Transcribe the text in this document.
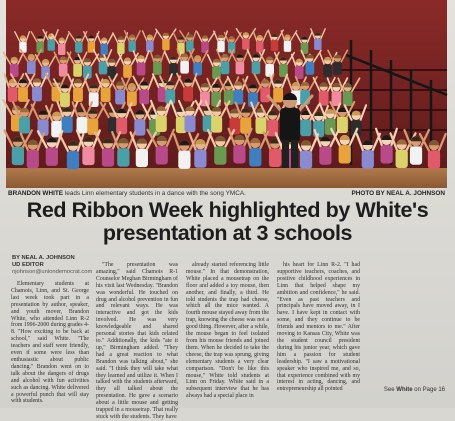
BRANDON WHITE leads Linn elementary students in a dance with the song YMCA.	PHOTO BY NEAL A. JOHNSON
Red Ribbon Week highlighted by White's
presentation at 3 schools
BY NEAL A. JOHNSON
UD EDITOR
njohnson@uniondemocrat.com

Elementary students at Chamois, Linn, and St. George last week took part in a presentation by author, speaker, and youth mover, Brandon White, who attended Linn R-2 from 1996-2000 during grades 4-8. "How exciting to be back at school," said White. "The teachers and staff were friendly, even if some were less than enthusiastic about public dancing." Brandon went on to talk about the dangers of drugs and alcohol with fun activities such as dancing. White delivered a powerful punch that will stay with students.

"The presentation was amazing," said Chamois R-1 Counselor Meghan Birmingham of his visit last Wednesday. "Brandon was wonderful. He touched on drug and alcohol prevention in fun and relevant ways. He was interactive and got the kids involved. He was very knowledgeable and shared personal stories that kids related to." Additionally, the kids "ate it up," Birmingham added. "They had a great reaction to what Brandon was talking about," she said. "I think they will take what they learned and utilize it. When I talked with the students afterward, they all talked about the presentation. He gave a scenario about a little mouse and getting trapped in a mousetrap. That really stuck with the students. They have

already started referencing little mouse." In that demonstration, White placed a mousetrap on the floor and added a toy mouse, then another, and finally, a third. He told students the trap had cheese, which all the mice wanted. A fourth mouse stayed away from the trap, knowing the cheese was not a good thing. However, after a while, the mouse began to feel isolated from his mouse friends and joined them. When he decided to take the cheese, the trap was sprung, giving elementary students a very clear comparison. "Don't be like this mouse," White told students at Linn on Friday. White said in a subsequent interview that he has always had a special place in

his heart for Linn R-2. "I had supportive teachers, coaches, and positive childhood experiences in Linn that helped shape my ambition and confidence," he said. "Even as past teachers and principals have moved away, in I have. I have kept in contact with some, and they continue to be friends and mentors to me." After moving to Kansas City, White was the student council president during his junior year, which gave him a passion for student leadership. "I saw a motivational speaker who inspired me, and so, that experience combined with my interest in acting, dancing, and entrepreneurship all pointed	See White on Page 16
